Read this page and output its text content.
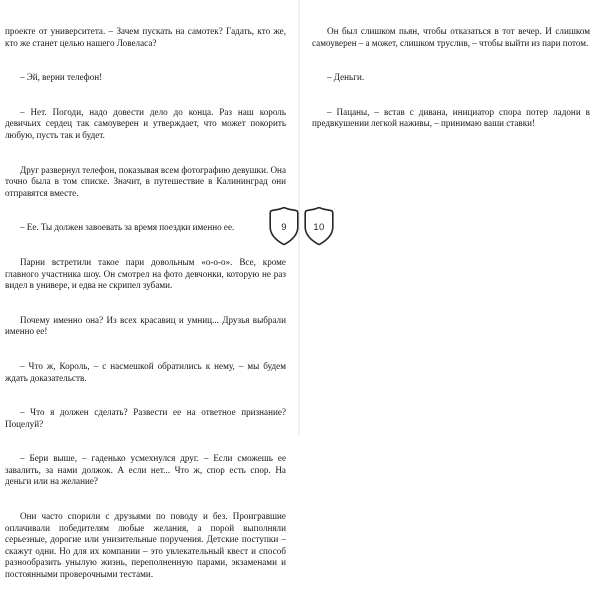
проекте от университета. – Зачем пускать на самотек? Гадать, кто же, кто же станет целью нашего Ловеласа?

– Эй, верни телефон!

– Нет. Погоди, надо довести дело до конца. Раз наш король девичьих сердец так самоуверен и утверждает, что может покорить любую, пусть так и будет.

Друг развернул телефон, показывая всем фотографию девушки. Она точно была в том списке. Значит, в путешествие в Калининград они отправятся вместе.

– Ее. Ты должен завоевать за время поездки именно ее.

Парни встретили такое пари довольным «о-о-о». Все, кроме главного участника шоу. Он смотрел на фото девчонки, которую не раз видел в универе, и едва не скрипел зубами.

Почему именно она? Из всех красавиц и умниц... Друзья выбрали именно ее!

– Что ж, Король, – с насмешкой обратились к нему, – мы будем ждать доказательств.

– Что я должен сделать? Развести ее на ответное признание? Поцелуй?

– Бери выше, – гаденько усмехнулся друг. – Если сможешь ее завалить, за нами должок. А если нет... Что ж, спор есть спор. На деньги или на желание?

Они часто спорили с друзьями по поводу и без. Проигравшие оплачивали победителям любые желания, а порой выполняли серьезные, дорогие или унизительные поручения. Детские поступки – скажут одни. Но для их компании – это увлекательный квест и способ разнообразить унылую жизнь, переполненную парами, экзаменами и постоянными проверочными тестами.

Он был слишком пьян, чтобы отказаться в тот вечер. И слишком самоуверен – а может, слишком труслив, – чтобы выйти из пари потом.

– Деньги.

– Пацаны, – встав с дивана, инициатор спора потер ладони в предвкушении легкой наживы, – принимаю ваши ставки!

9	10
